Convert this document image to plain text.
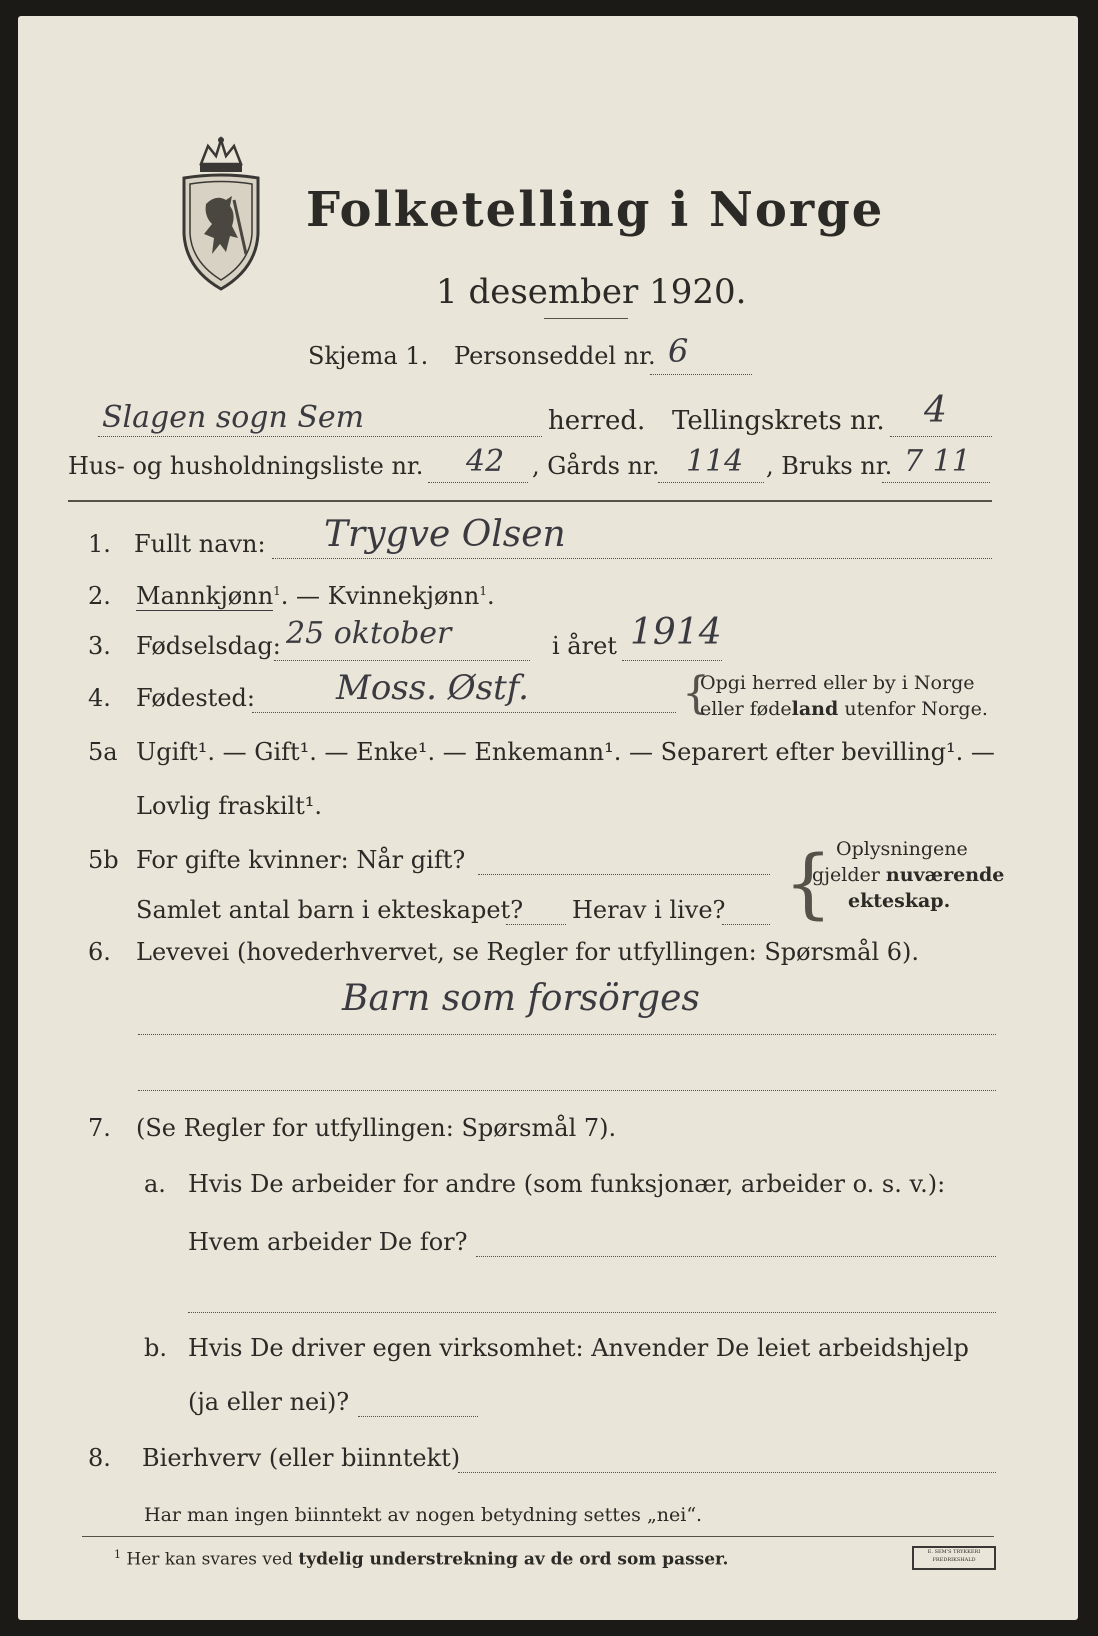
Folketelling i Norge
1 desember 1920.
Skjema 1. Personseddel nr. 6
Slagen sogn Sem	herred. Tellingskrets nr. 4
Hus- og husholdningsliste nr. 42 , Gårds nr. 114 , Bruks nr. 7 11
1. Fullt navn: Trygve Olsen
2. Mannkjønn$^1$. — Kvinnekjønn$^1$.
3. Fødselsdag: 25 oktober	i året 1914
4. Fødested: Moss. Østf.	{
Opgi herred eller by i Norge
eller fødeland utenfor Norge.
5a Ugift¹. — Gift¹. — Enke¹. — Enkemann¹. — Separert efter bevilling¹. —
Lovlig fraskilt¹.
5b For gifte kvinner: Når gift?
Samlet antal barn i ekteskapet? Herav i live? { Oplysningene
gjelder nuværende
ekteskap.
6. Levevei (hovederhvervet, se Regler for utfyllingen: Spørsmål 6).
Barn som forsörges
7. (Se Regler for utfyllingen: Spørsmål 7).
a. Hvis De arbeider for andre (som funksjonær, arbeider o. s. v.):
Hvem arbeider De for?
b. Hvis De driver egen virksomhet: Anvender De leiet arbeidshjelp
(ja eller nei)?
8. Bierhverv (eller biinntekt)
Har man ingen biinntekt av nogen betydning settes „nei“.
$^1$ Her kan svares ved tydelig understrekning av de ord som passer.	E. SEM'S TRYKKERI FREDRIKSHALD
